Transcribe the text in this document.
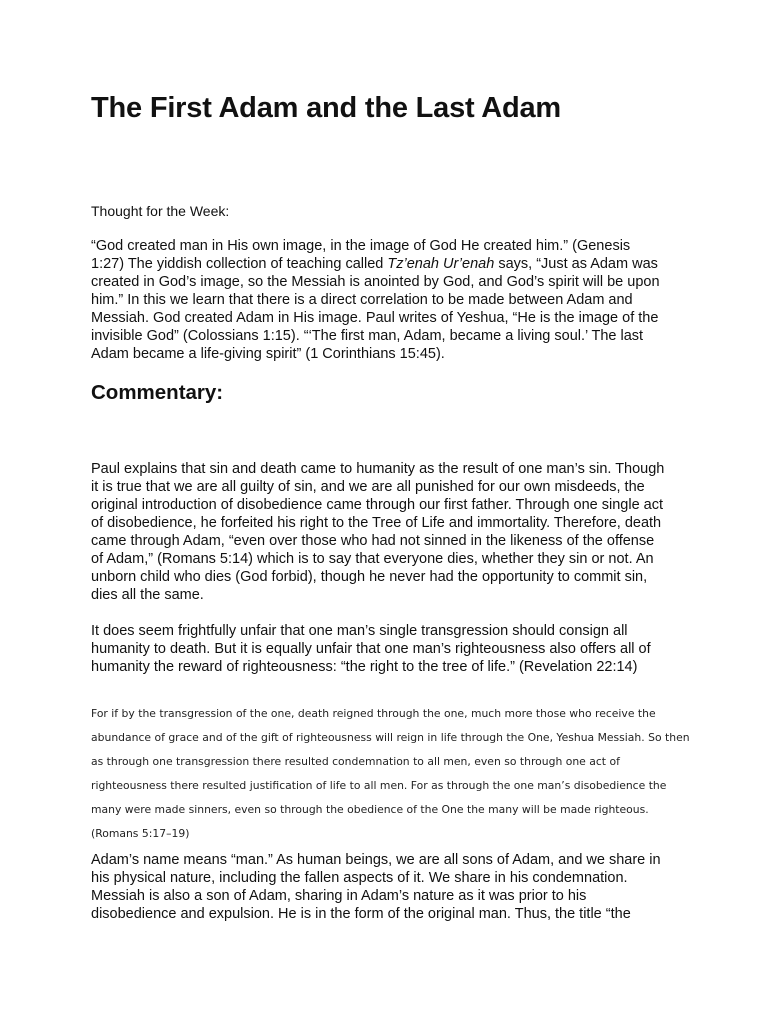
The First Adam and the Last Adam
Thought for the Week:

“God created man in His own image, in the image of God He created him.” (Genesis 1:27) The yiddish collection of teaching called Tz’enah Ur’enah says, “Just as Adam was created in God’s image, so the Messiah is anointed by God, and God’s spirit will be upon him.” In this we learn that there is a direct correlation to be made between Adam and Messiah. God created Adam in His image. Paul writes of Yeshua, “He is the image of the invisible God” (Colossians 1:15). “‘The first man, Adam, became a living soul.’ The last Adam became a life-giving spirit” (1 Corinthians 15:45).

Commentary:

Paul explains that sin and death came to humanity as the result of one man’s sin. Though it is true that we are all guilty of sin, and we are all punished for our own misdeeds, the original introduction of disobedience came through our first father. Through one single act of disobedience, he forfeited his right to the Tree of Life and immortality. Therefore, death came through Adam, “even over those who had not sinned in the likeness of the offense of Adam,” (Romans 5:14) which is to say that everyone dies, whether they sin or not. An unborn child who dies (God forbid), though he never had the opportunity to commit sin, dies all the same.

It does seem frightfully unfair that one man’s single transgression should consign all humanity to death. But it is equally unfair that one man’s righteousness also offers all of humanity the reward of righteousness: “the right to the tree of life.” (Revelation 22:14)

For if by the transgression of the one, death reigned through the one, much more those who receive the abundance of grace and of the gift of righteousness will reign in life through the One, Yeshua Messiah. So then as through one transgression there resulted condemnation to all men, even so through one act of righteousness there resulted justification of life to all men. For as through the one man’s disobedience the many were made sinners, even so through the obedience of the One the many will be made righteous. (Romans 5:17–19)

Adam’s name means “man.” As human beings, we are all sons of Adam, and we share in his physical nature, including the fallen aspects of it. We share in his condemnation. Messiah is also a son of Adam, sharing in Adam’s nature as it was prior to his disobedience and expulsion. He is in the form of the original man. Thus, the title “the
